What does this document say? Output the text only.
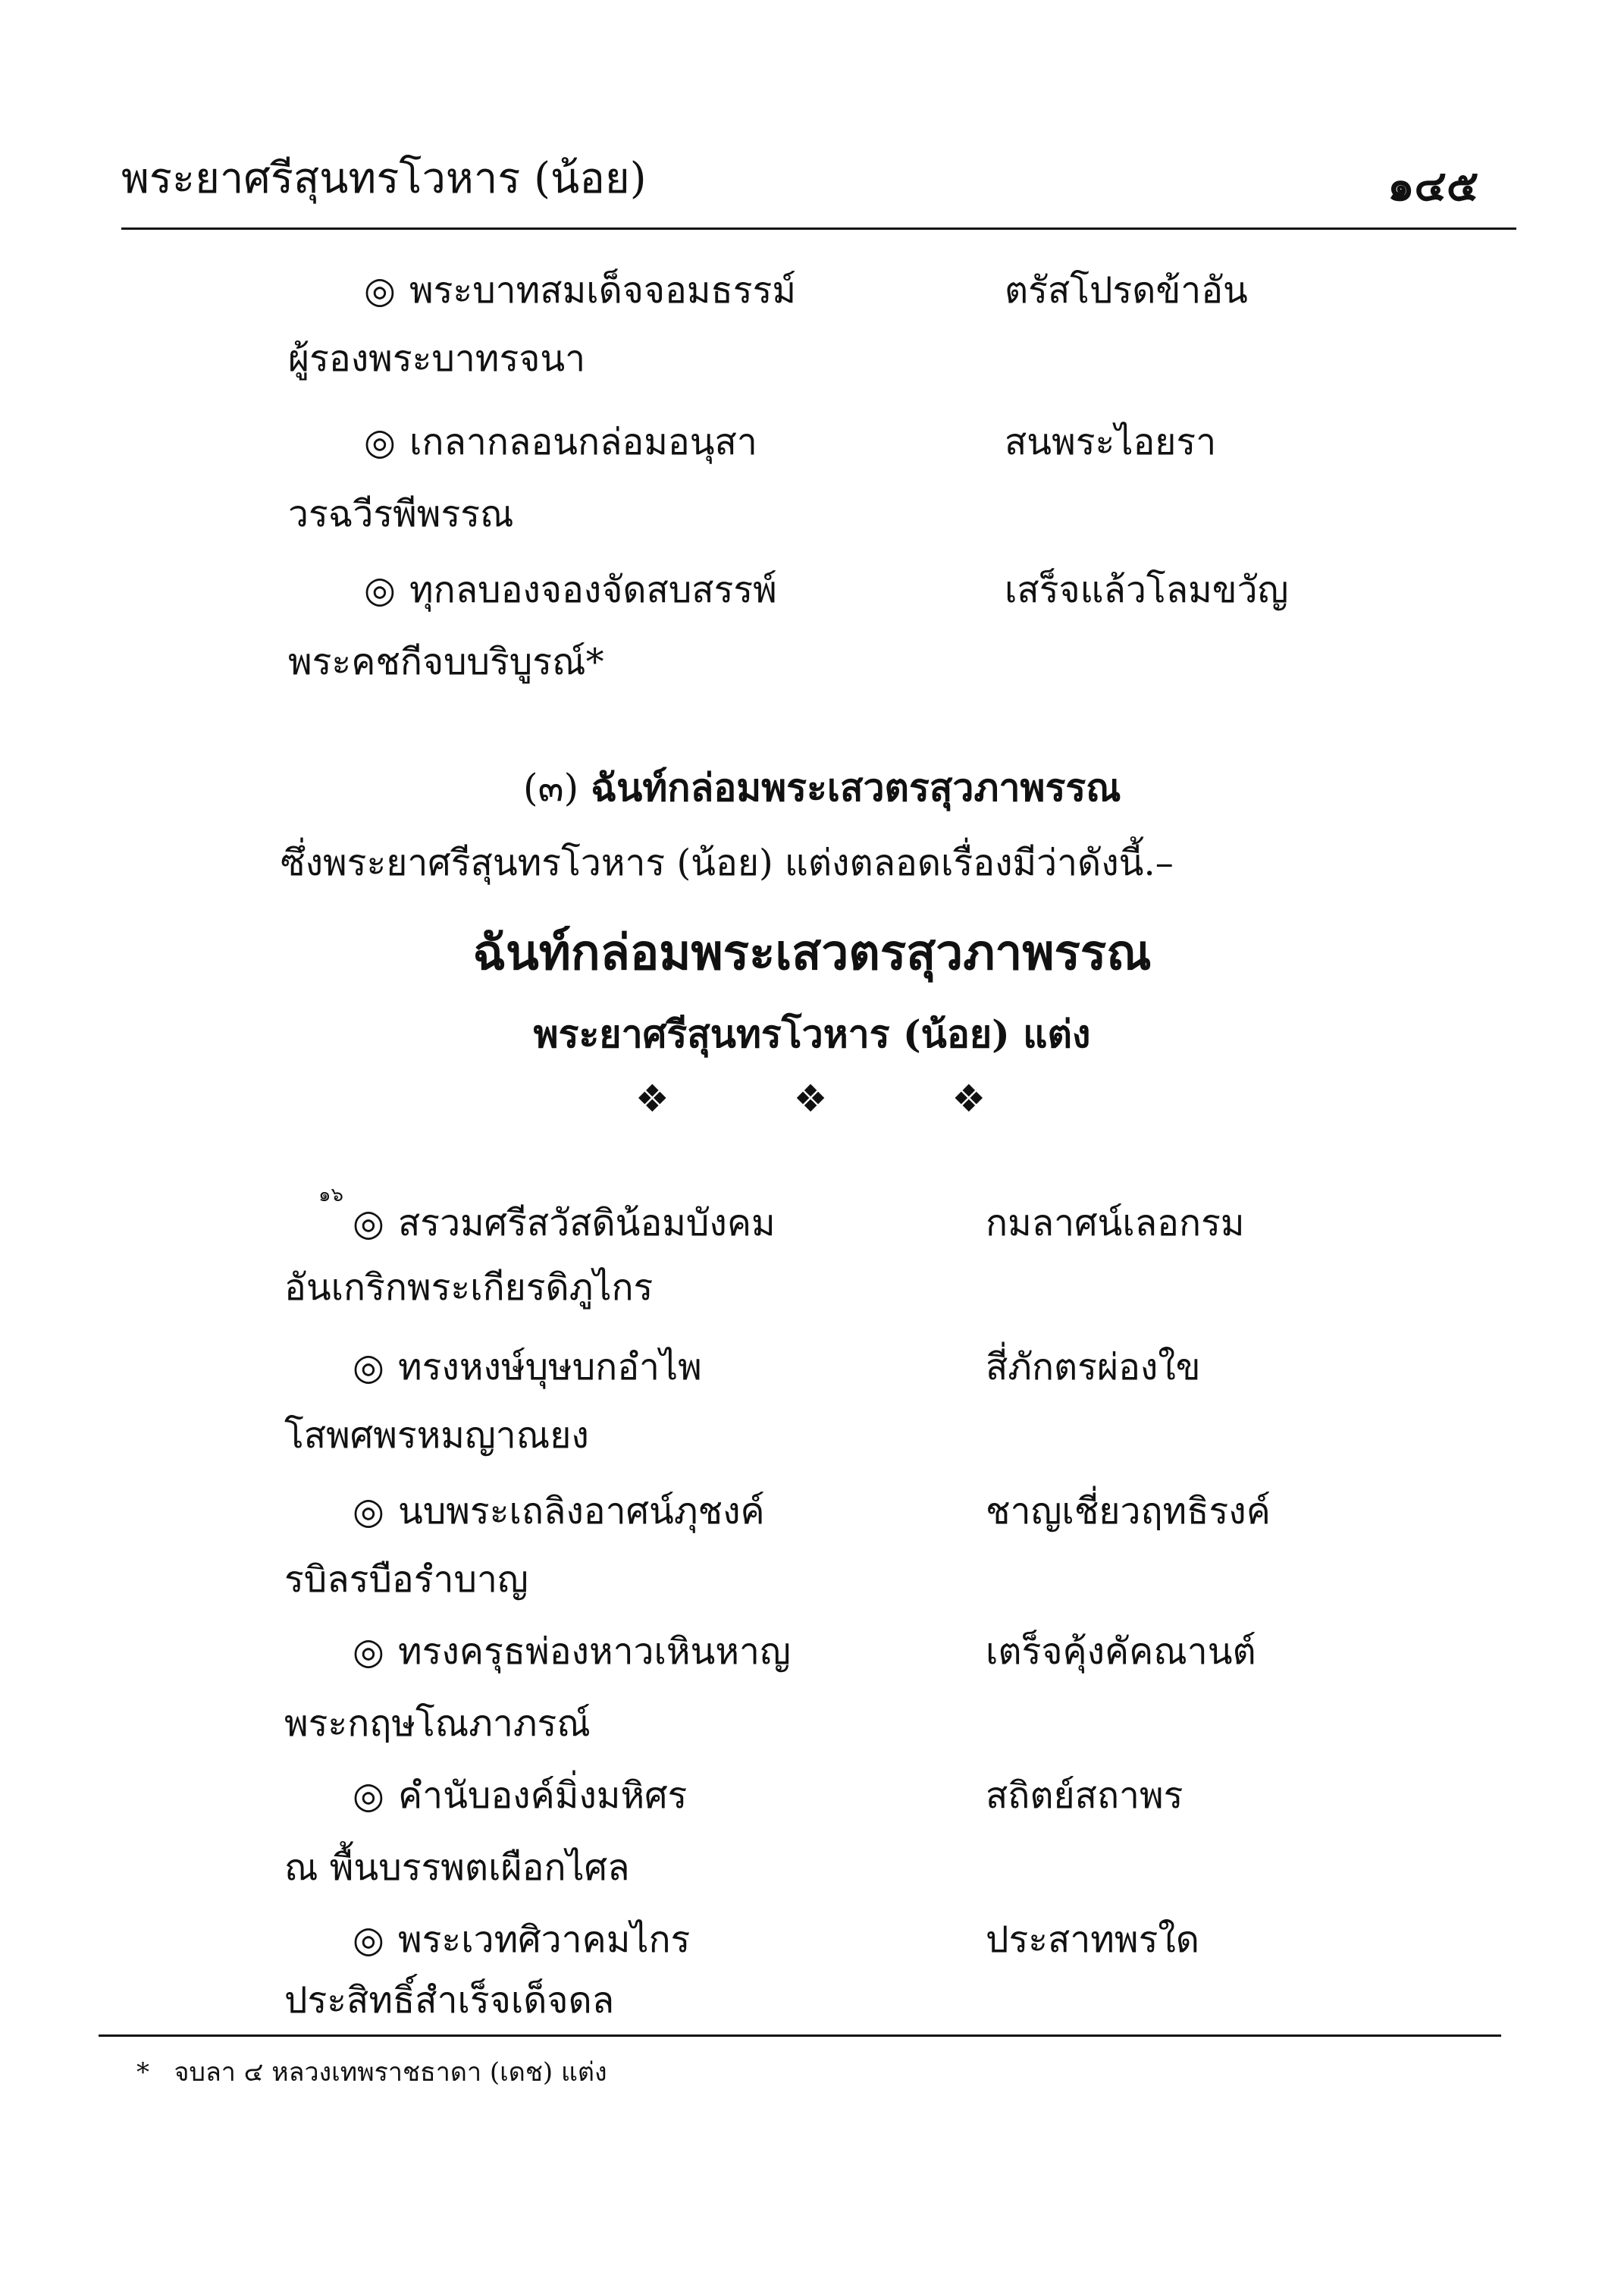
พระยาศรีสุนทรโวหาร (น้อย)	๑๔๕
◎ พระบาทสมเด็จจอมธรรม์	ตรัสโปรดข้าอัน
ผู้รองพระบาทรจนา
◎ เกลากลอนกล่อมอนุสา	สนพระไอยรา
วรฉวีรพีพรรณ
◎ ทุกลบองจองจัดสบสรรพ์	เสร็จแล้วโลมขวัญ
พระคชกีจบบริบูรณ์*
(๓) ฉันท์กล่อมพระเสวตรสุวภาพรรณ
ซึ่งพระยาศรีสุนทรโวหาร (น้อย) แต่งตลอดเรื่องมีว่าดังนี้.–
ฉันท์กล่อมพระเสวตรสุวภาพรรณ
พระยาศรีสุนทรโวหาร (น้อย) แต่ง
❖	❖	❖
๑๖
◎ สรวมศรีสวัสดิน้อมบังคม	กมลาศน์เลอกรม
อันเกริกพระเกียรดิภูไกร
◎ ทรงหงษ์บุษบกอำไพ	สี่ภักตรผ่องใข
โสพศพรหมญาณยง
◎ นบพระเถลิงอาศน์ภุชงค์	ชาญเชี่ยวฤทธิรงค์
รบิลรบือรำบาญ
◎ ทรงครุธพ่องหาวเหินหาญ	เตร็จคุ้งคัคณานต์
พระกฤษโณภาภรณ์
◎ คำนับองค์มิ่งมหิศร	สถิตย์สถาพร
ณ พื้นบรรพตเผือกไศล
◎ พระเวทศิวาคมไกร	ประสาทพรใด
ประสิทธิ์สำเร็จเด็จดล
* จบลา ๔ หลวงเทพราชธาดา (เดช) แต่ง
